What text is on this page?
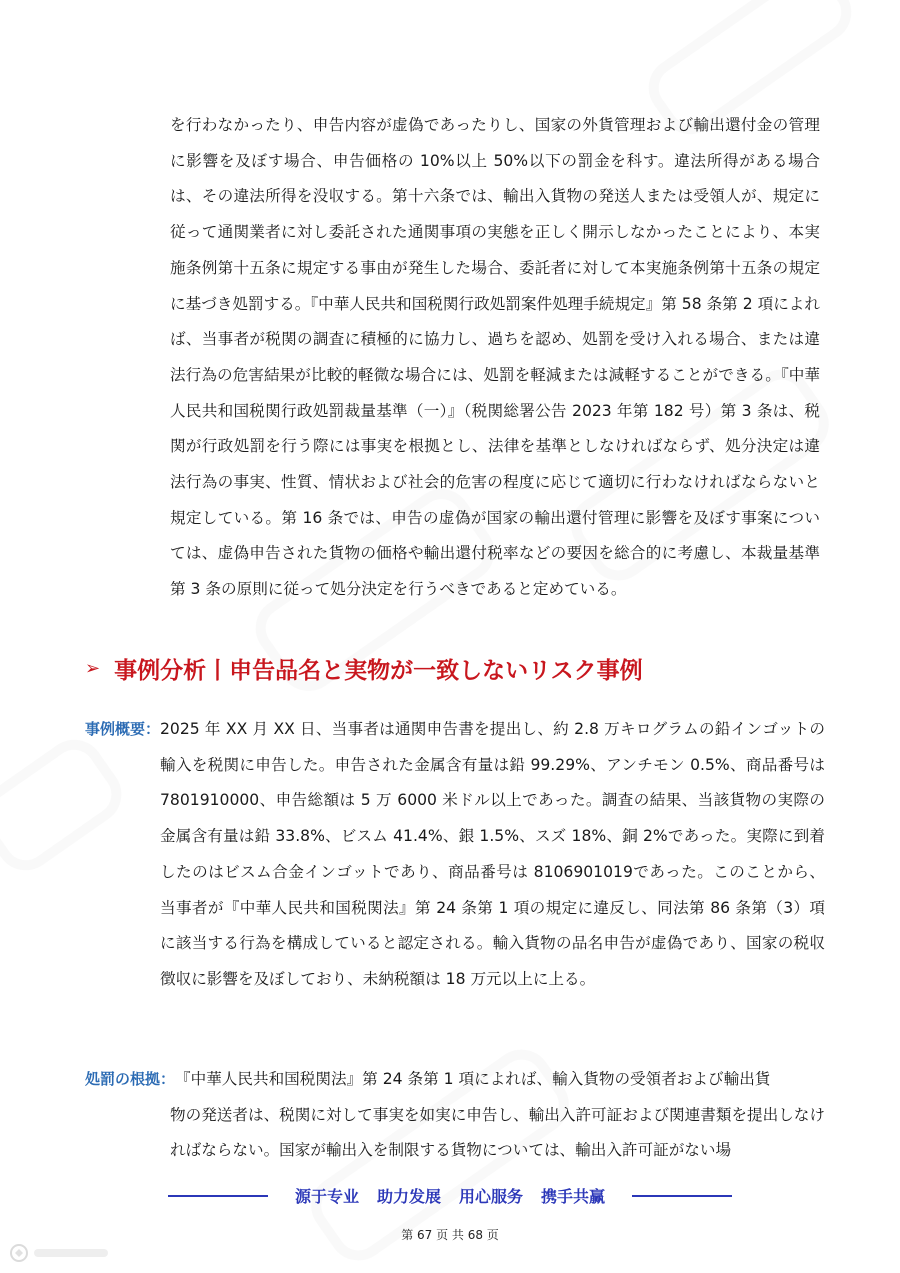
を行わなかったり、申告内容が虚偽であったりし、国家の外貨管理および輸出還付金の管理に影響を及ぼす場合、申告価格の 10%以上 50%以下の罰金を科す。違法所得がある場合は、その違法所得を没収する。第十六条では、輸出入貨物の発送人または受領人が、規定に従って通関業者に対し委託された通関事項の実態を正しく開示しなかったことにより、本実施条例第十五条に規定する事由が発生した場合、委託者に対して本実施条例第十五条の規定に基づき処罰する。『中華人民共和国税関行政処罰案件処理手続規定』第 58 条第 2 項によれば、当事者が税関の調査に積極的に協力し、過ちを認め、処罰を受け入れる場合、または違法行為の危害結果が比較的軽微な場合には、処罰を軽減または減軽することができる。『中華人民共和国税関行政処罰裁量基準（一）』（税関総署公告 2023 年第 182 号）第 3 条は、税関が行政処罰を行う際には事実を根拠とし、法律を基準としなければならず、処分決定は違法行為の事実、性質、情状および社会的危害の程度に応じて適切に行わなければならないと規定している。第 16 条では、申告の虚偽が国家の輸出還付管理に影響を及ぼす事案については、虚偽申告された貨物の価格や輸出還付税率などの要因を総合的に考慮し、本裁量基準第 3 条の原則に従って処分決定を行うべきであると定めている。

➢ 事例分析丨申告品名と実物が一致しないリスク事例
事例概要： 2025 年 XX 月 XX 日、当事者は通関申告書を提出し、約 2.8 万キログラムの鉛インゴットの輸入を税関に申告した。申告された金属含有量は鉛 99.29%、アンチモン 0.5%、商品番号は 7801910000、申告総額は 5 万 6000 米ドル以上であった。調査の結果、当該貨物の実際の金属含有量は鉛 33.8%、ビスム 41.4%、銀 1.5%、スズ 18%、銅 2%であった。実際に到着したのはビスム合金インゴットであり、商品番号は 8106901019であった。このことから、当事者が『中華人民共和国税関法』第 24 条第 1 項の規定に違反し、同法第 86 条第（3）項に該当する行為を構成していると認定される。輸入貨物の品名申告が虚偽であり、国家の税収徴収に影響を及ぼしており、未納税額は 18 万元以上に上る。

処罰の根拠： 『中華人民共和国税関法』第 24 条第 1 項によれば、輸入貨物の受領者および輸出貨

物の発送者は、税関に対して事実を如実に申告し、輸出入許可証および関連書類を提出しなければならない。国家が輸出入を制限する貨物については、輸出入許可証がない場

源于专业 助力发展 用心服务 携手共赢
第 67 页 共 68 页
